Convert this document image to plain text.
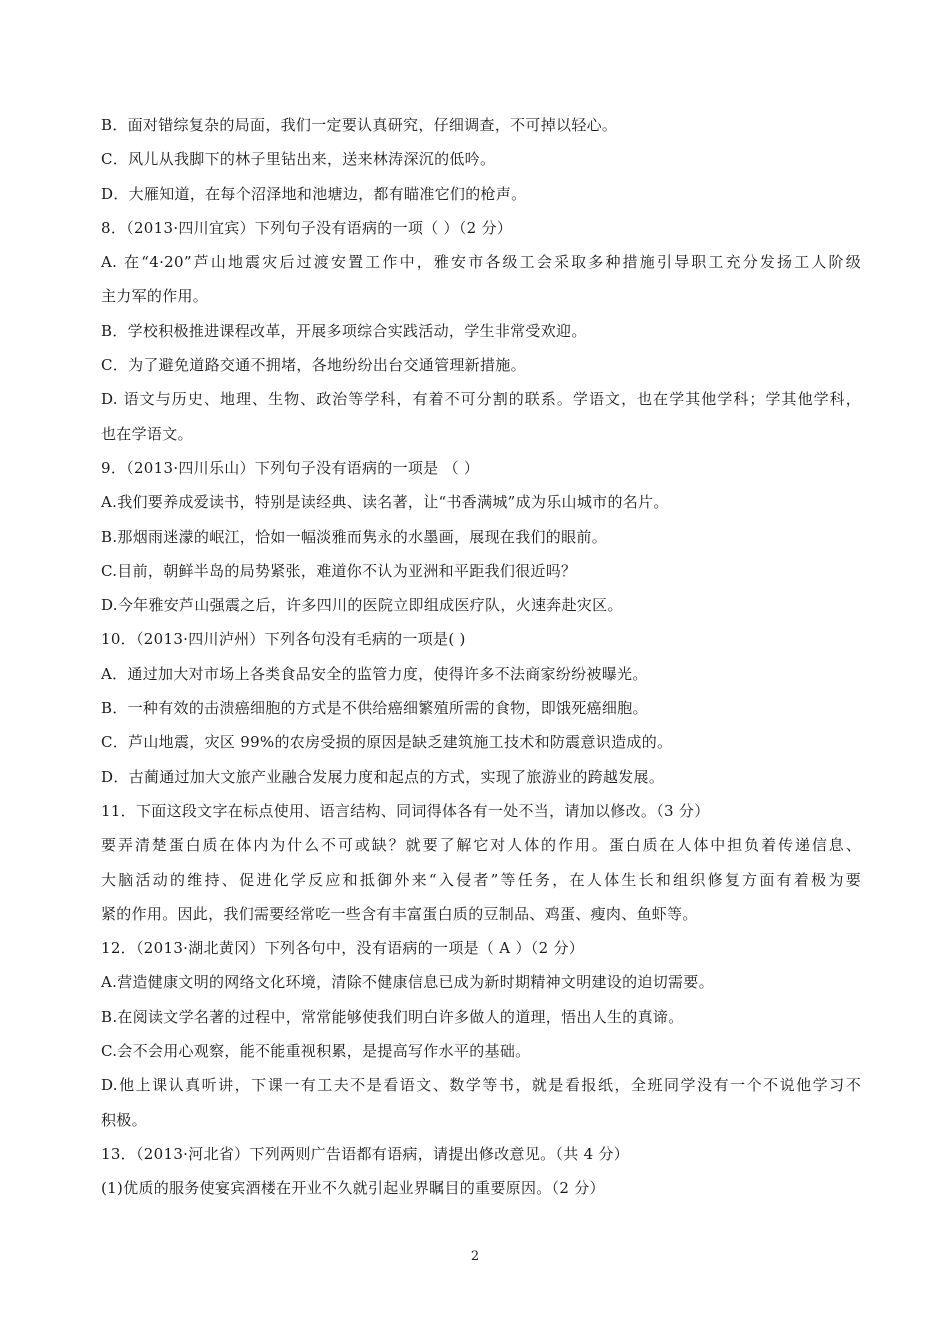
B．面对错综复杂的局面，我们一定要认真研究，仔细调查，不可掉以轻心。
C．风儿从我脚下的林子里钻出来，送来林涛深沉的低吟。
D．大雁知道，在每个沼泽地和池塘边，都有瞄准它们的枪声。
8．（2013·四川宜宾）下列句子没有语病的一项（ ）（2 分）
A. 在“4·20”芦山地震灾后过渡安置工作中，雅安市各级工会采取多种措施引导职工充分发扬工人阶级
主力军的作用。
B．学校积极推进课程改革，开展多项综合实践活动，学生非常受欢迎。
C．为了避免道路交通不拥堵，各地纷纷出台交通管理新措施。
D. 语文与历史、地理、生物、政治等学科，有着不可分割的联系。学语文，也在学其他学科；学其他学科，
也在学语文。
9．（2013·四川乐山）下列句子没有语病的一项是 （ ）
A.我们要养成爱读书，特别是读经典、读名著，让“书香满城”成为乐山城市的名片。
B.那烟雨迷濛的岷江，恰如一幅淡雅而隽永的水墨画，展现在我们的眼前。
C.目前，朝鲜半岛的局势紧张，难道你不认为亚洲和平距我们很近吗？
D.今年雅安芦山强震之后，许多四川的医院立即组成医疗队，火速奔赴灾区。
10．（2013·四川泸州）下列各句没有毛病的一项是( )
A．通过加大对市场上各类食品安全的监管力度，使得许多不法商家纷纷被曝光。
B．一种有效的击溃癌细胞的方式是不供给癌细繁殖所需的食物，即饿死癌细胞。
C．芦山地震，灾区 99%的农房受损的原因是缺乏建筑施工技术和防震意识造成的。
D．古蔺通过加大文旅产业融合发展力度和起点的方式，实现了旅游业的跨越发展。
11．下面这段文字在标点使用、语言结构、同词得体各有一处不当，请加以修改。（3 分）
要弄清楚蛋白质在体内为什么不可或缺？就要了解它对人体的作用。蛋白质在人体中担负着传递信息、
大脑活动的维持、促进化学反应和抵御外来“入侵者”等任务，在人体生长和组织修复方面有着极为要
紧的作用。因此，我们需要经常吃一些含有丰富蛋白质的豆制品、鸡蛋、瘦肉、鱼虾等。
12．（2013·湖北黄冈）下列各句中，没有语病的一项是（ A ）（2 分）
A.营造健康文明的网络文化环境，清除不健康信息已成为新时期精神文明建设的迫切需要。
B.在阅读文学名著的过程中，常常能够使我们明白许多做人的道理，悟出人生的真谛。
C.会不会用心观察，能不能重视积累，是提高写作水平的基础。
D.他上课认真听讲，下课一有工夫不是看语文、数学等书，就是看报纸，全班同学没有一个不说他学习不
积极。
13．（2013·河北省）下列两则广告语都有语病，请提出修改意见。（共 4 分）
(1)优质的服务使宴宾酒楼在开业不久就引起业界瞩目的重要原因。（2 分）
2
